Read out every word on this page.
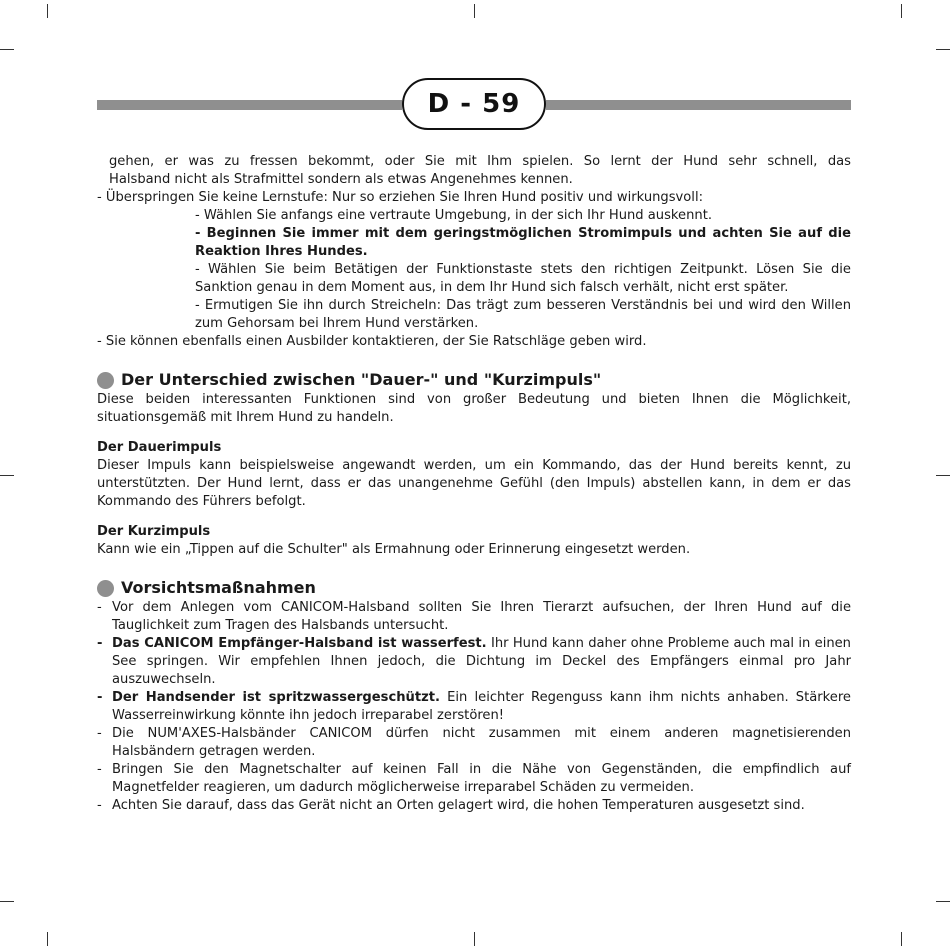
D - 59

gehen, er was zu fressen bekommt, oder Sie mit Ihm spielen. So lernt der Hund sehr schnell, das

Halsband nicht als Strafmittel sondern als etwas Angenehmes kennen.

- Überspringen Sie keine Lernstufe: Nur so erziehen Sie Ihren Hund positiv und wirkungsvoll:

- Wählen Sie anfangs eine vertraute Umgebung, in der sich Ihr Hund auskennt.

- Beginnen Sie immer mit dem geringstmöglichen Stromimpuls und achten Sie auf die Reaktion Ihres Hundes.
- Wählen Sie beim Betätigen der Funktionstaste stets den richtigen Zeitpunkt. Lösen Sie die Sanktion genau in dem Moment aus, in dem Ihr Hund sich falsch verhält, nicht erst später.
- Ermutigen Sie ihn durch Streicheln: Das trägt zum besseren Verständnis bei und wird den Willen zum Gehorsam bei Ihrem Hund verstärken.

- Sie können ebenfalls einen Ausbilder kontaktieren, der Sie Ratschläge geben wird.

Der Unterschied zwischen "Dauer-" und "Kurzimpuls"

Diese beiden interessanten Funktionen sind von großer Bedeutung und bieten Ihnen die Möglichkeit, situationsgemäß mit Ihrem Hund zu handeln.

Der Dauerimpuls

Dieser Impuls kann beispielsweise angewandt werden, um ein Kommando, das der Hund bereits kennt, zu unterstützten. Der Hund lernt, dass er das unangenehme Gefühl (den Impuls) abstellen kann, in dem er das Kommando des Führers befolgt.

Der Kurzimpuls

Kann wie ein „Tippen auf die Schulter" als Ermahnung oder Erinnerung eingesetzt werden.

Vorsichtsmaßnahmen
- Vor dem Anlegen vom CANICOM-Halsband sollten Sie Ihren Tierarzt aufsuchen, der Ihren Hund auf die Tauglichkeit zum Tragen des Halsbands untersucht.
- Das CANICOM Empfänger-Halsband ist wasserfest. Ihr Hund kann daher ohne Probleme auch mal in einen See springen. Wir empfehlen Ihnen jedoch, die Dichtung im Deckel des Empfängers einmal pro Jahr auszuwechseln.
- Der Handsender ist spritzwassergeschützt. Ein leichter Regenguss kann ihm nichts anhaben. Stärkere Wasserreinwirkung könnte ihn jedoch irreparabel zerstören!
- Die NUM'AXES-Halsbänder CANICOM dürfen nicht zusammen mit einem anderen magnetisierenden Halsbändern getragen werden.
- Bringen Sie den Magnetschalter auf keinen Fall in die Nähe von Gegenständen, die empfindlich auf Magnetfelder reagieren, um dadurch möglicherweise irreparabel Schäden zu vermeiden.
- Achten Sie darauf, dass das Gerät nicht an Orten gelagert wird, die hohen Temperaturen ausgesetzt sind.
